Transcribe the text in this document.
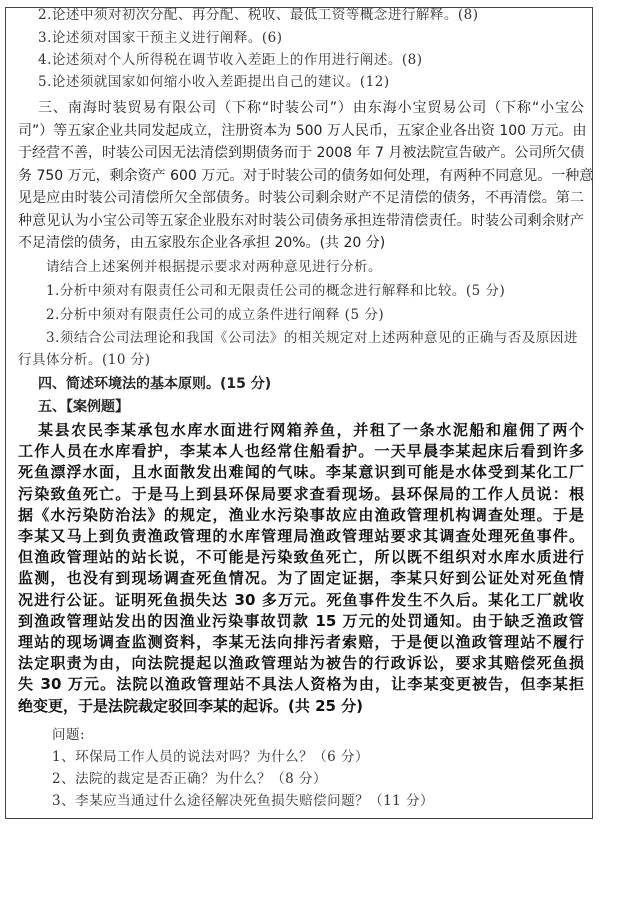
2.论述中须对初次分配、再分配、税收、最低工资等概念进行解释。(8)
3.论述须对国家干预主义进行阐释。(6)
4.论述须对个人所得税在调节收入差距上的作用进行阐述。(8)
5.论述须就国家如何缩小收入差距提出自己的建议。(12)
三、南海时装贸易有限公司（下称“时装公司”）由东海小宝贸易公司（下称“小宝公
司”）等五家企业共同发起成立，注册资本为 500 万人民币，五家企业各出资 100 万元。由
于经营不善，时装公司因无法清偿到期债务而于 2008 年 7 月被法院宣告破产。公司所欠债
务 750 万元，剩余资产 600 万元。对于时装公司的债务如何处理，有两种不同意见。一种意
见是应由时装公司清偿所欠全部债务。时装公司剩余财产不足清偿的债务，不再清偿。第二
种意见认为小宝公司等五家企业股东对时装公司债务承担连带清偿责任。时装公司剩余财产
不足清偿的债务，由五家股东企业各承担 20%。(共 20 分)
请结合上述案例并根据提示要求对两种意见进行分析。
1.分析中须对有限责任公司和无限责任公司的概念进行解释和比较。(5 分)
2.分析中须对有限责任公司的成立条件进行阐释 (5 分)
3.须结合公司法理论和我国《公司法》的相关规定对上述两种意见的正确与否及原因进
行具体分析。(10 分)
四、简述环境法的基本原则。(15 分)
五、【案例题】
某县农民李某承包水库水面进行网箱养鱼，并租了一条水泥船和雇佣了两个
工作人员在水库看护，李某本人也经常住船看护。一天早晨李某起床后看到许多
死鱼漂浮水面，且水面散发出难闻的气味。李某意识到可能是水体受到某化工厂
污染致鱼死亡。于是马上到县环保局要求查看现场。县环保局的工作人员说：根
据《水污染防治法》的规定，渔业水污染事故应由渔政管理机构调查处理。于是
李某又马上到负责渔政管理的水库管理局渔政管理站要求其调查处理死鱼事件。
但渔政管理站的站长说，不可能是污染致鱼死亡，所以既不组织对水库水质进行
监测，也没有到现场调查死鱼情况。为了固定证据，李某只好到公证处对死鱼情
况进行公证。证明死鱼损失达 30 多万元。死鱼事件发生不久后。某化工厂就收
到渔政管理站发出的因渔业污染事故罚款 15 万元的处罚通知。由于缺乏渔政管
理站的现场调查监测资料，李某无法向排污者索赔，于是便以渔政管理站不履行
法定职责为由，向法院提起以渔政管理站为被告的行政诉讼，要求其赔偿死鱼损
失 30 万元。法院以渔政管理站不具法人资格为由，让李某变更被告，但李某拒
绝变更，于是法院裁定驳回李某的起诉。(共 25 分)
问题:
1、环保局工作人员的说法对吗？为什么？（6 分）
2、法院的裁定是否正确？为什么？（8 分）
3、李某应当通过什么途径解决死鱼损失赔偿问题？（11 分）
